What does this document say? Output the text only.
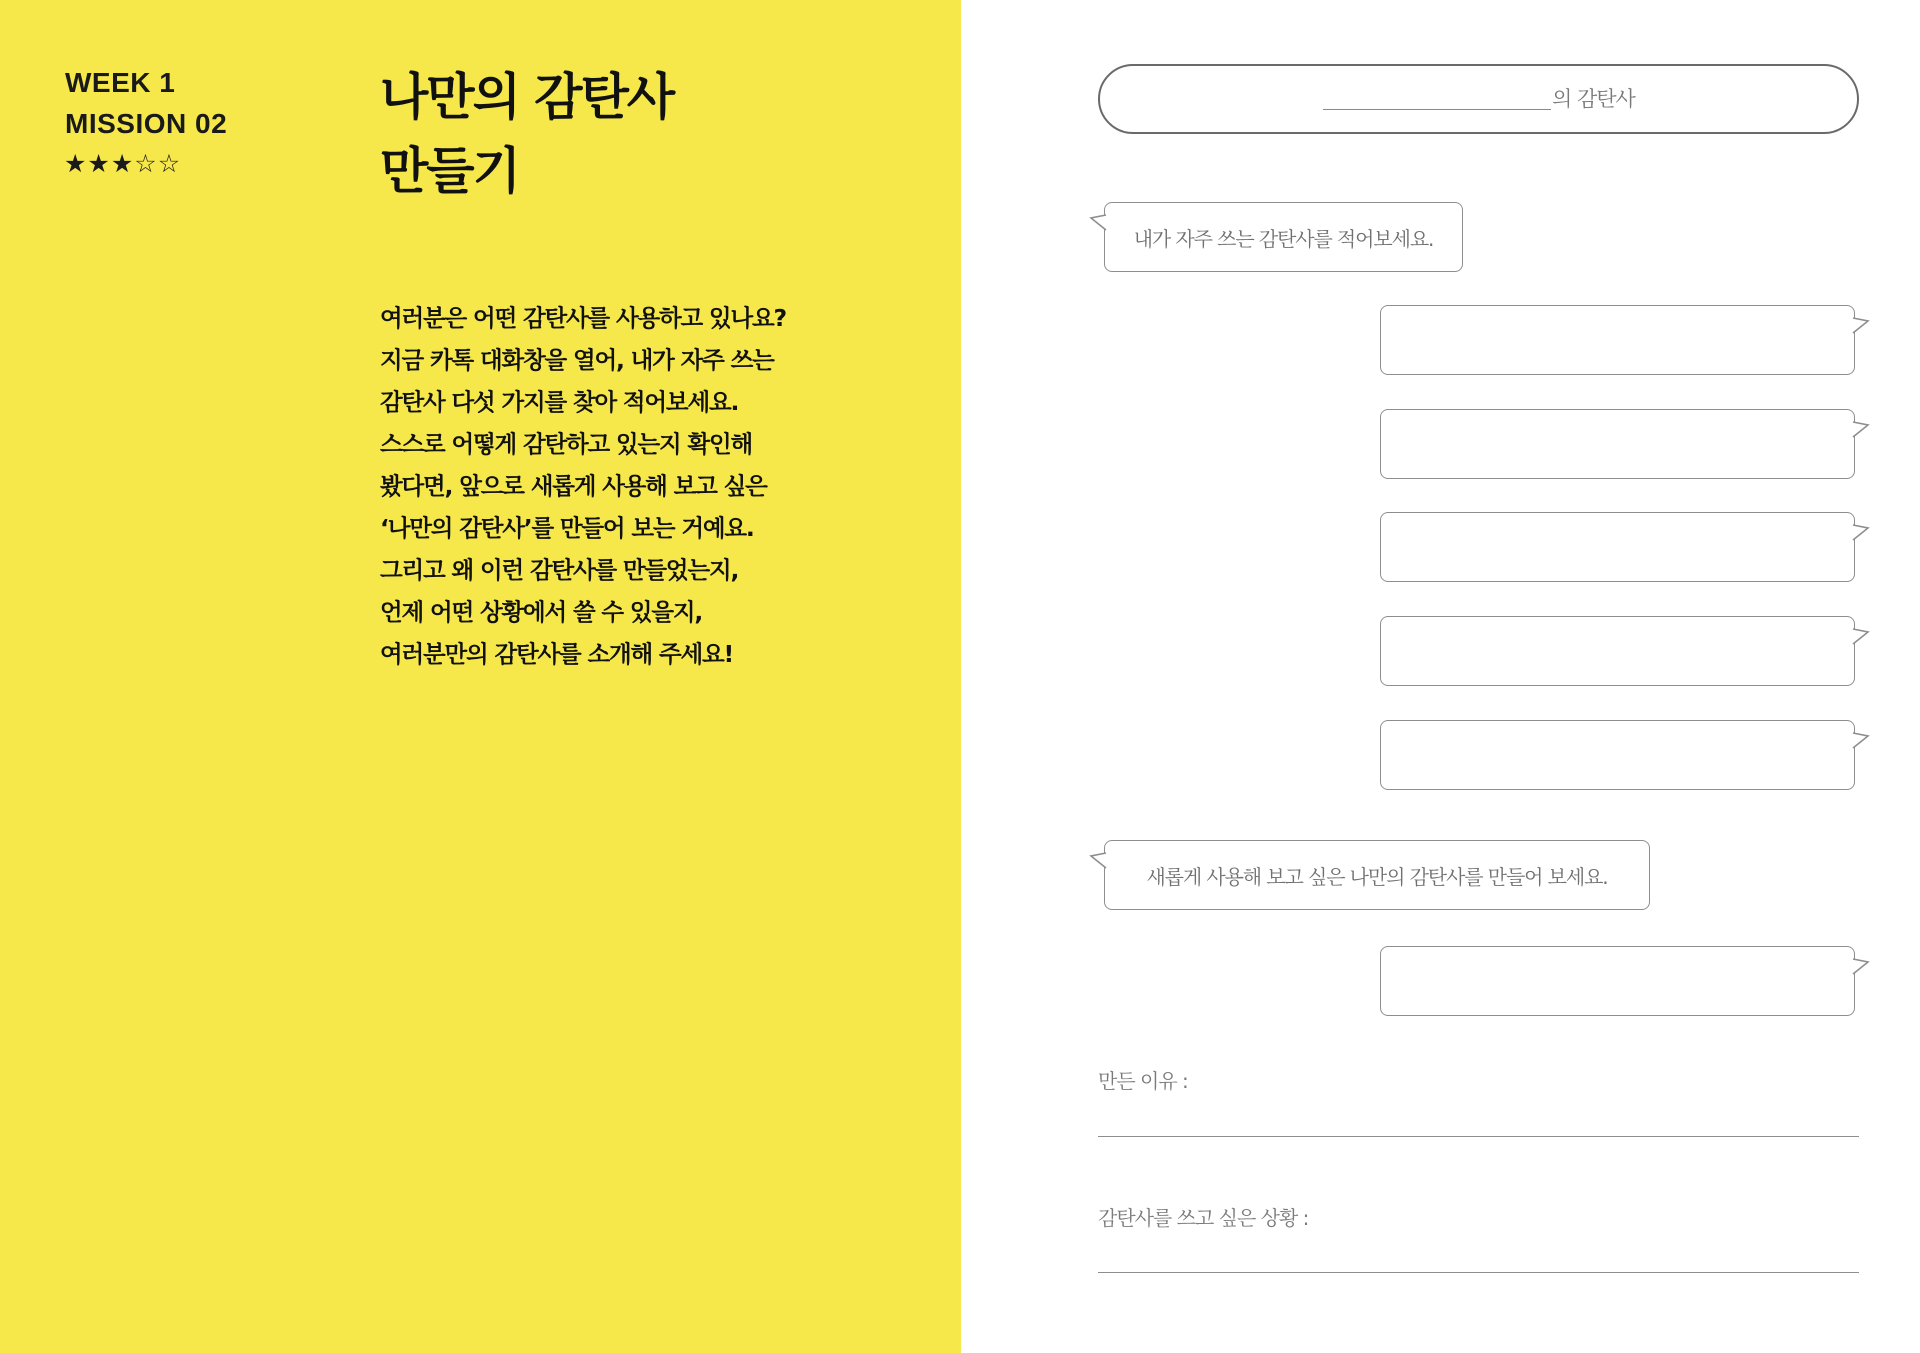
WEEK 1
MISSION 02
★ ★ ★ ☆ ☆
나만의 감탄사
만들기

여러분은 어떤 감탄사를 사용하고 있나요?

지금 카톡 대화창을 열어, 내가 자주 쓰는

감탄사 다섯 가지를 찾아 적어보세요.

스스로 어떻게 감탄하고 있는지 확인해

봤다면, 앞으로 새롭게 사용해 보고 싶은

‘나만의 감탄사’를 만들어 보는 거예요.

그리고 왜 이런 감탄사를 만들었는지,

언제 어떤 상황에서 쓸 수 있을지,

여러분만의 감탄사를 소개해 주세요!

의 감탄사
내가 자주 쓰는 감탄사를 적어보세요.
새롭게 사용해 보고 싶은 나만의 감탄사를 만들어 보세요.
만든 이유 :
감탄사를 쓰고 싶은 상황 :
